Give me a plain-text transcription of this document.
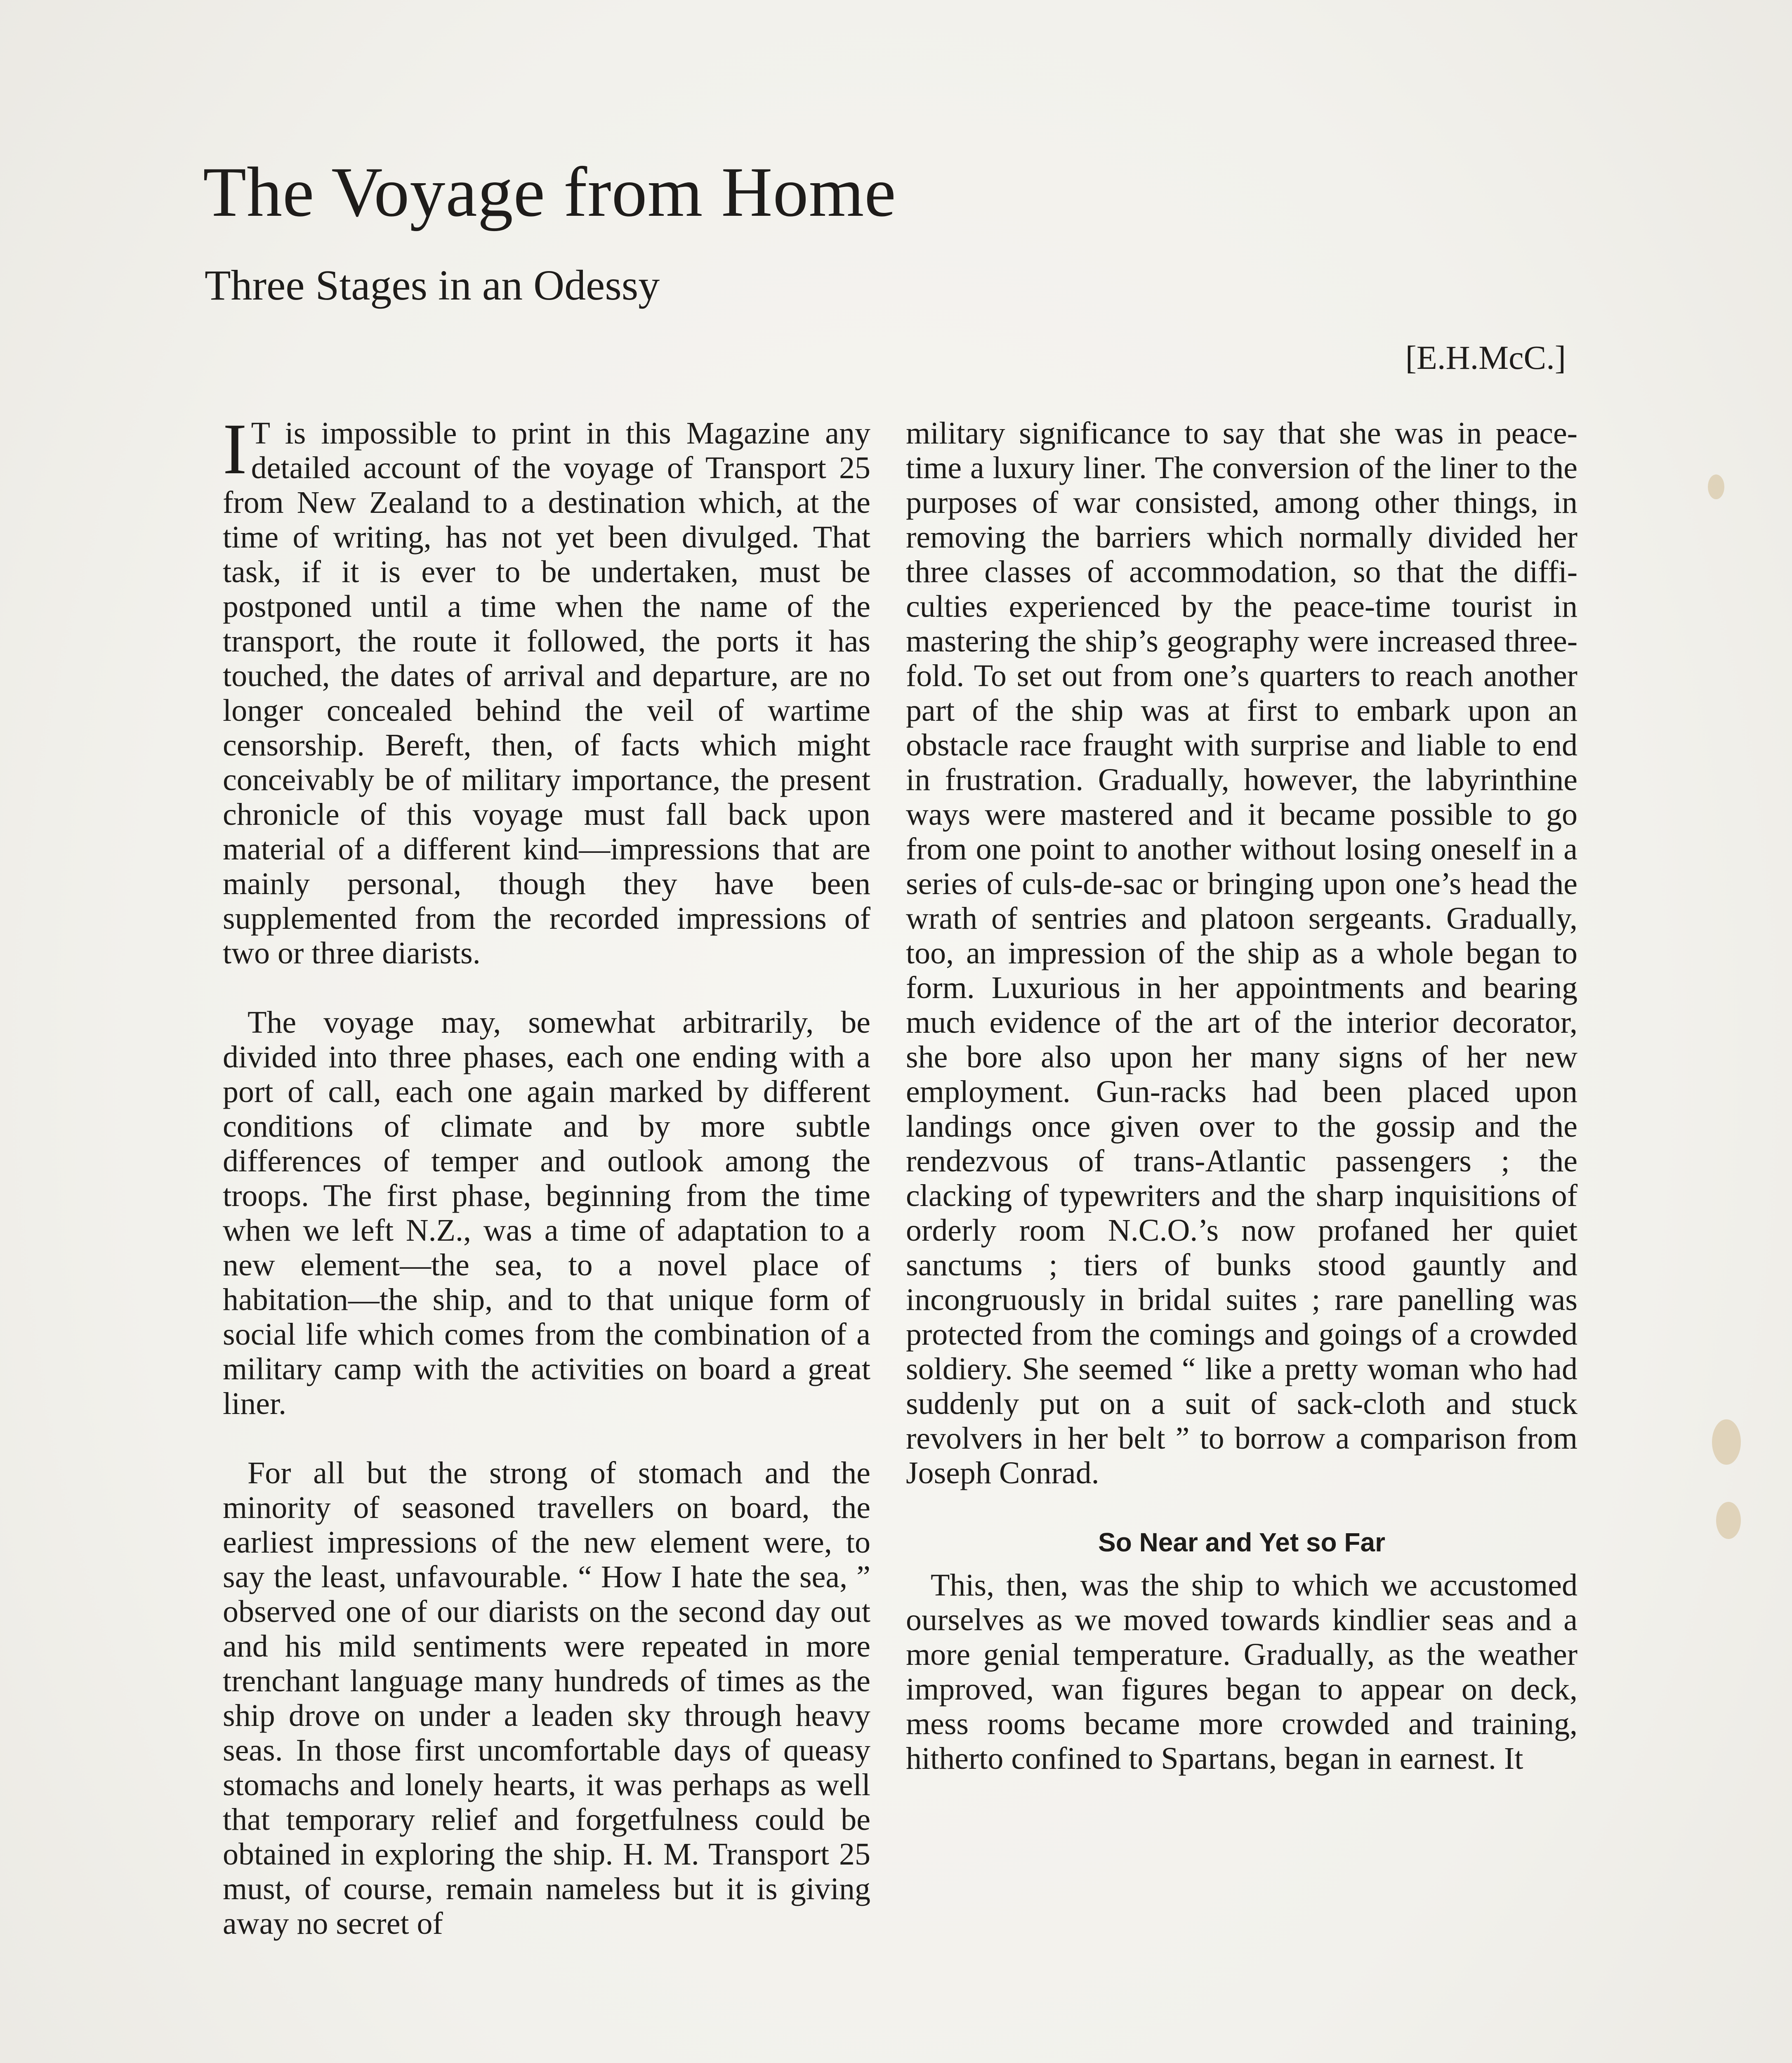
The Voyage from Home
Three Stages in an Odessy
[E.H.McC.]

I T is impossible to print in this Magazine any detailed account of the voyage of Transport 25 from New Zealand to a destination which, at the time of writing, has not yet been divulged. That task, if it is ever to be undertaken, must be postponed until a time when the name of the transport, the route it followed, the ports it has touched, the dates of arrival and departure, are no longer concealed behind the veil of wartime censorship. Bereft, then, of facts which might conceivably be of military importance, the present chronicle of this voyage must fall back upon material of a different kind—impressions that are mainly personal, though they have been supplemented from the recorded impressions of two or three diarists.

The voyage may, somewhat arbitrarily, be divided into three phases, each one ending with a port of call, each one again marked by different conditions of climate and by more subtle differences of temper and outlook among the troops. The first phase, beginning from the time when we left N.Z., was a time of adaptation to a new element—the sea, to a novel place of habitation—the ship, and to that unique form of social life which comes from the combination of a military camp with the activities on board a great liner.

For all but the strong of stomach and the minority of seasoned travellers on board, the earliest impressions of the new element were, to say the least, unfavourable. “ How I hate the sea, ” observed one of our diarists on the second day out and his mild sentiments were repeated in more trenchant language many hundreds of times as the ship drove on under a leaden sky through heavy seas. In those first uncomfortable days of queasy stomachs and lonely hearts, it was perhaps as well that temporary relief and forgetfulness could be obtained in exploring the ship. H. M. Transport 25 must, of course, remain nameless but it is giving away no secret of

military significance to say that she was in peace-time a luxury liner. The conversion of the liner to the purposes of war consisted, among other things, in removing the barriers which normally divided her three classes of accommodation, so that the difficulties experienced by the peace-time tourist in mastering the ship’s geography were increased three-fold. To set out from one’s quarters to reach another part of the ship was at first to embark upon an obstacle race fraught with surprise and liable to end in frustration. Gradually, however, the labyrinthine ways were mastered and it became possible to go from one point to another without losing oneself in a series of culs-de-sac or bringing upon one’s head the wrath of sentries and platoon sergeants. Gradually, too, an impression of the ship as a whole began to form. Luxurious in her appointments and bearing much evidence of the art of the interior decorator, she bore also upon her many signs of her new employment. Gun-racks had been placed upon landings once given over to the gossip and the rendezvous of trans-Atlantic passengers ; the clacking of typewriters and the sharp inquisitions of orderly room N.C.O.’s now profaned her quiet sanctums ; tiers of bunks stood gauntly and incongruously in bridal suites ; rare panelling was protected from the comings and goings of a crowded soldiery. She seemed “ like a pretty woman who had suddenly put on a suit of sack-cloth and stuck revolvers in her belt ” to borrow a comparison from Joseph Conrad.

So Near and Yet so Far

This, then, was the ship to which we accustomed ourselves as we moved towards kindlier seas and a more genial temperature. Gradually, as the weather improved, wan figures began to appear on deck, mess rooms became more crowded and training, hitherto confined to Spartans, began in earnest. It
